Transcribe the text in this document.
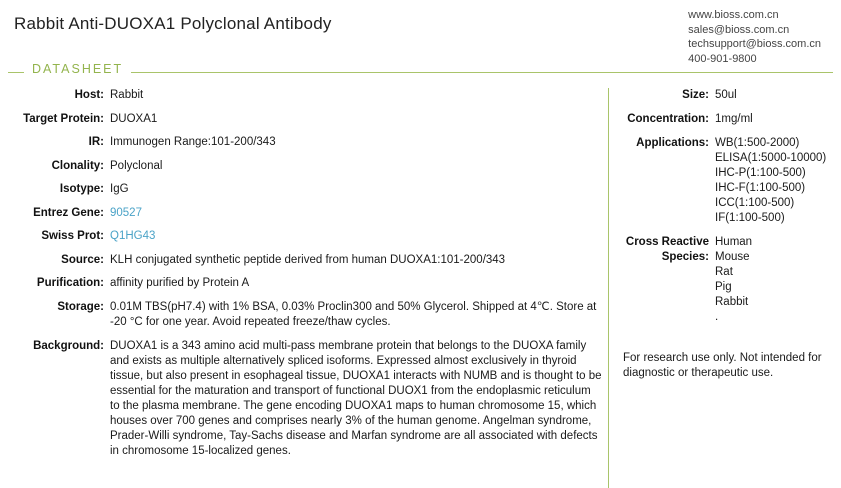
Rabbit Anti-DUOXA1 Polyclonal Antibody	www.bioss.com.cn
sales@bioss.com.cn
techsupport@bioss.com.cn
400-901-9800
DATASHEET
Host: Rabbit
Target Protein: DUOXA1
IR: Immunogen Range:101-200/343
Clonality: Polyclonal
Isotype: IgG
Entrez Gene: 90527
Swiss Prot: Q1HG43
Source: KLH conjugated synthetic peptide derived from human DUOXA1:101-200/343
Purification: affinity purified by Protein A
Storage: 0.01M TBS(pH7.4) with 1% BSA, 0.03% Proclin300 and 50% Glycerol. Shipped at 4℃. Store at -20 °C for one year. Avoid repeated freeze/thaw cycles.
Background: DUOXA1 is a 343 amino acid multi-pass membrane protein that belongs to the DUOXA family and exists as multiple alternatively spliced isoforms. Expressed almost exclusively in thyroid tissue, but also present in esophageal tissue, DUOXA1 interacts with NUMB and is thought to be essential for the maturation and transport of functional DUOX1 from the endoplasmic reticulum to the plasma membrane. The gene encoding DUOXA1 maps to human chromosome 15, which houses over 700 genes and comprises nearly 3% of the human genome. Angelman syndrome, Prader-Willi syndrome, Tay-Sachs disease and Marfan syndrome are all associated with defects in chromosome 15-localized genes.
Size: 50ul
Concentration: 1mg/ml
Applications: WB(1:500-2000)
ELISA(1:5000-10000)
IHC-P(1:100-500)
IHC-F(1:100-500)
ICC(1:100-500)
IF(1:100-500)
Cross Reactive
Species:
Human
Mouse
Rat
Pig
Rabbit
.
For research use only. Not intended for diagnostic or therapeutic use.
